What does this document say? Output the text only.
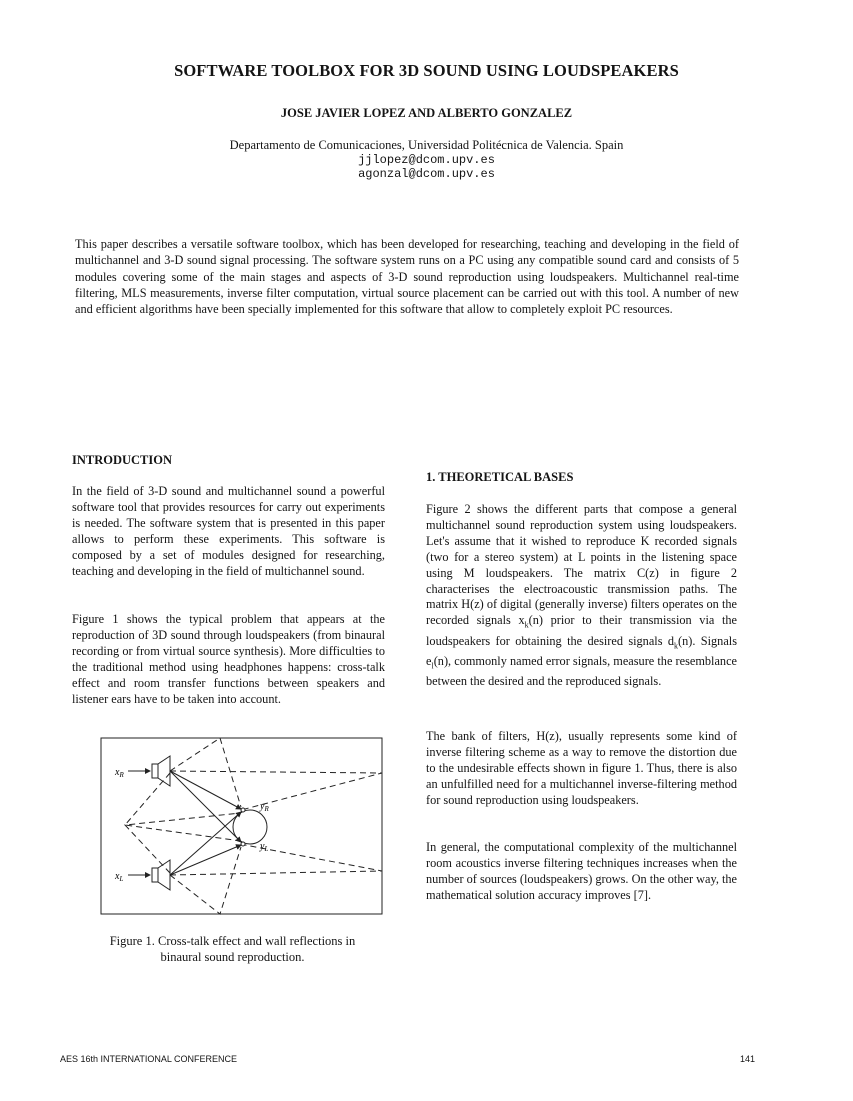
SOFTWARE TOOLBOX FOR 3D SOUND USING LOUDSPEAKERS
JOSE JAVIER LOPEZ AND ALBERTO GONZALEZ
Departamento de Comunicaciones, Universidad Politécnica de Valencia. Spain
jjlopez@dcom.upv.es
agonzal@dcom.upv.es
This paper describes a versatile software toolbox, which has been developed for researching, teaching and developing in the field of multichannel and 3-D sound signal processing. The software system runs on a PC using any compatible sound card and consists of 5 modules covering some of the main stages and aspects of 3-D sound reproduction using loudspeakers. Multichannel real-time filtering, MLS measurements, inverse filter computation, virtual source placement can be carried out with this tool. A number of new and efficient algorithms have been specially implemented for this software that allow to completely exploit PC resources.
INTRODUCTION

In the field of 3-D sound and multichannel sound a powerful software tool that provides resources for carry out experiments is needed. The software system that is presented in this paper allows to perform these experiments. This software is composed by a set of modules designed for researching, teaching and developing in the field of multichannel sound.

Figure 1 shows the typical problem that appears at the reproduction of 3D sound through loudspeakers (from binaural recording or from virtual source synthesis). More difficulties to the traditional method using headphones happens: cross-talk effect and room transfer functions between speakers and listener ears have to be taken into account.

$x_R$
$x_L$
$y_R$
$y_L$
Figure 1. Cross-talk effect and wall reflections in
binaural sound reproduction.
1. THEORETICAL BASES

Figure 2 shows the different parts that compose a general multichannel sound reproduction system using loudspeakers. Let's assume that it wished to reproduce K recorded signals (two for a stereo system) at L points in the listening space using M loudspeakers. The matrix C(z) in figure 2 characterises the electroacoustic transmission paths. The matrix H(z) of digital (generally inverse) filters operates on the recorded signals $x_k(n)$ prior to their transmission via the loudspeakers for obtaining the desired signals $d_k(n)$. Signals $e_l(n)$, commonly named error signals, measure the resemblance between the desired and the reproduced signals.

The bank of filters, H(z), usually represents some kind of inverse filtering scheme as a way to remove the distortion due to the undesirable effects shown in figure 1. Thus, there is also an unfulfilled need for a multichannel inverse-filtering method for sound reproduction using loudspeakers.

In general, the computational complexity of the multichannel room acoustics inverse filtering techniques increases when the number of sources (loudspeakers) grows. On the other way, the mathematical solution accuracy improves [7].

AES 16th INTERNATIONAL CONFERENCE	141
